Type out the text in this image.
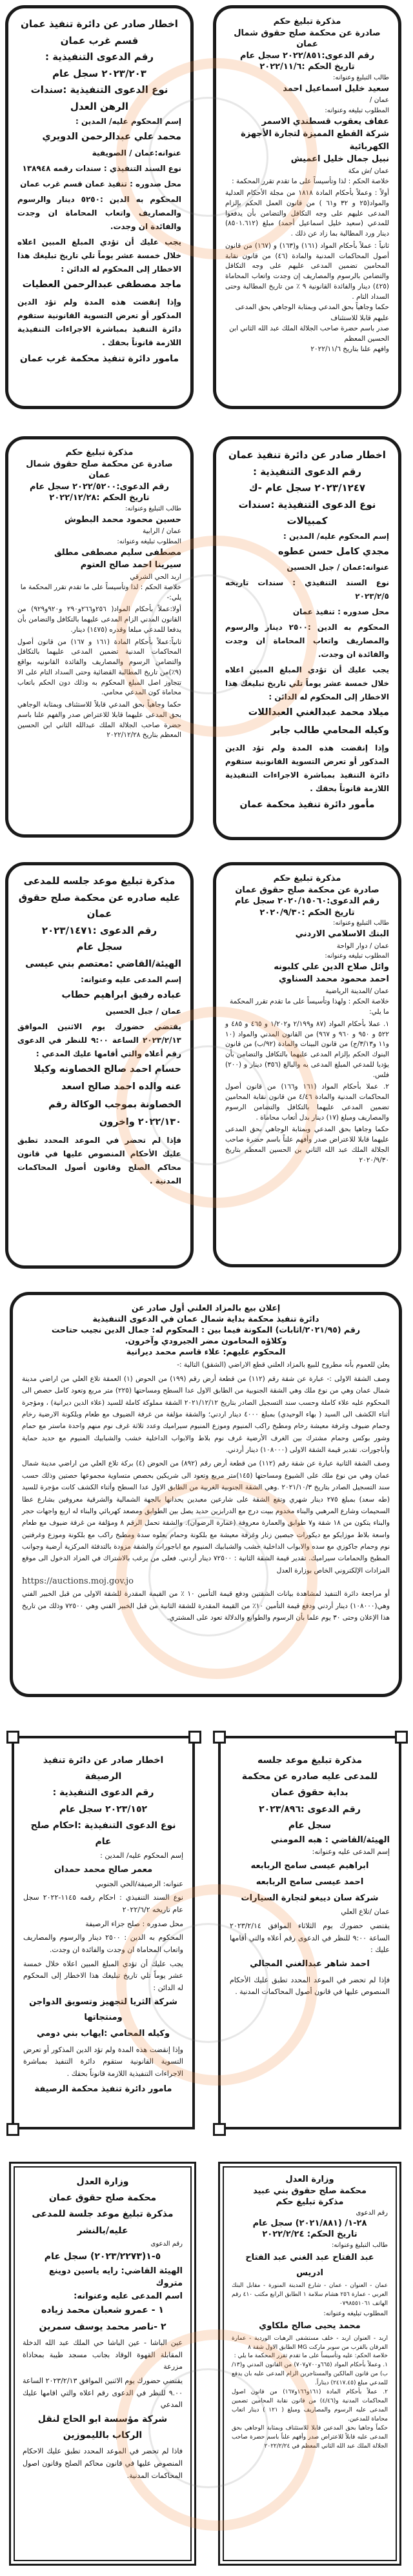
مذكرة تبليغ حكم
صادرة عن محكمة صلح حقوق شمال عمان
رقم الدعوى:٢٠٢٢/٨٥١ سجل عام
تاريخ الحكم :٢٠٢٢/١١/٦
طالب التبليغ وعنوانه:
سعيد خليل اسماعيل احمد
عمان /
المطلوب تبليغه وعنوانه:
عفاف يعقوب قسطندي الاسمر
شركة القطع المميزة لتجارة الأجهزة الكهربائية
نبيل جمال خليل اعميش
عمان /ش مكة
خلاصة الحكم : لذا وتأسيساً على ما تقدم تقرر المحكمة :
أولاً : وعملاً بأحكام المادة ١٨١٨ من مجلة الأحكام العدلية والمواد(٢٥ و ٣٢ و٦١ ) من قانون العمل الحكم بإلزام المدعى عليهم على وجه التكافل والتضامن بأن يدفعوا للمدعي (سعيد خليل اسماعيل أحمد) مبلغ (٨٥٠١.٦١٢) دينار ورد المطالبة بما زاد عن ذلك .
ثانياً : عملاً بأحكام المواد (١٦١) و(١٦٣) و (١٦٧) من قانون أصول المحاكمات المدنية والمادة (٤٦) من قانون نقابة المحامين تضمين المدعى عليهم على وجه التكافل والتضامن بالرسوم والمصاريف إن وجدت واتعاب المحاماة (٤٢٥) دينار والفائدة القانونية ٩ ٪ من تاريخ المطالبة وحتى السداد التام .
حكما وجاهياً بحق المدعي وبمثابة الوجاهي بحق المدعى عليهم قابلا للاستئناف
صدر باسم حضرة صاحب الجلالة الملك عبد الله الثاني ابن الحسين المعظم
وافهم علنا بتاريخ ٢٠٢٢/١١/٦
اخطار صادر عن دائرة تنفيذ عمان
قسم غرب عمان
رقم الدعوى التنفيذية :
٢٠٢٣/٢٠٣ سجل عام
نوع الدعوى التنفيذية :سندات الرهن العدل
إسم المحكوم عليه/ المدين :
محمد علي عبدالرحمن الدويري
عنوانه:عمان / الصويفية
نوع السند التنفيذي : سندات رقمه ١٣٨٩٤٨
محل صدوره : تنفيذ عمان قسم غرب عمان
المحكوم به الدين :٥٢٥٠ دينار والرسوم والمصاريف واتعاب المحاماة ان وجدت والفائدة ان وجدت.
يجب عليك أن تؤدي المبلغ المبين اعلاه خلال خمسة عشر يوماً تلي تاريخ تبليغك هذا الاخطار إلى المحكوم له الدائن :
ماجد مصطفى عبدالرحمن العطيات
وإذا إنقضت هذه المدة ولم تؤد الدين المذكور أو تعرض التسوية القانونية ستقوم دائرة التنفيذ بمباشرة الاجراءات التنفيذية اللازمة قانوناً بحقك .
مامور دائرة تنفيذ محكمة غرب عمان
اخطار صادر عن دائرة تنفيذ عمان
رقم الدعوى التنفيذية :
٢٠٢٣/١٢٤٧ سجل عام -ك
نوع الدعوى التنفيذية :سندات كمبيالات
إسم المحكوم عليه/ المدين :
مجدي كامل حسن عطوه
عنوانه:عمان / جبل الحسين
نوع السند التنفيذي : سندات تاريخه ٢٠٢٣/٢/٥
محل صدوره : تنفيذ عمان
المحكوم به الدين :٢٥٠٠ دينار والرسوم والمصاريف واتعاب المحاماة ان وجدت والفائدة ان وجدت.
يجب عليك أن تؤدي المبلغ المبين اعلاه خلال خمسة عشر يوماً تلي تاريخ تبليغك هذا الاخطار إلى المحكوم له الدائن :
ميلاد محمد عبدالغني العبداللات
وكيله المحامي طالب جابر
وإذا إنقضت هذه المدة ولم تؤد الدين المذكور أو تعرض التسوية القانونية ستقوم دائرة التنفيذ بمباشرة الاجراءات التنفيذية اللازمة قانوناً بحقك .
مأمور دائرة تنفيذ محكمة عمان
مذكرة تبليغ حكم
صادرة عن محكمة صلح حقوق شمال عمان
رقم الدعوى:٢٠٢٢/٥٢٠٠ سجل عام
تاريخ الحكم :٢٠٢٢/١٢/٢٨
طالب التبليغ وعنوانه:
حسين محمود محمد البطوش
عمان / الرابية
المطلوب تبليغه وعنوانه:
مصطفى سليم مصطفى مطلق
سيرينا احمد صالح العتوم
اربد الحي الشرقي
خلاصة الحكم : لذا وتأسيساً على ما تقدم تقرر المحكمة ما يلي:-
أولا:عملاً بأحكام المواد( ٢٥٦و٢٦٦و٢٩٠ و٩٢٠و٩٢٩) من القانون المدني الزام المدعى عليهما بالتكافل والتضامن بأن يدفعا للمدعي مبلغا وقدره (١٤٧٥) دينار.
ثانياً:عملاً بأحكام المادة (١٦١ و ١٦٧) من قانون أصول المحاكمات المدنية تضمين المدعى عليهما بالتكافل والتضامن الرسوم والمصاريف والفائدة القانونيه بواقع (٩٪)من تاريخ المطالبة القضائية وحتى السداد التام على الا تتجاوز اصل المبلغ المحكوم به وذلك دون الحكم باتعاب محاماة كون المدعي محامي.
حكما وجاهياً بحق المدعي قابلاً للاستئناف وبمثابة الوجاهي بحق المدعى عليهما قابلا للاعتراض صدر والفهم علنا باسم حضرة صاحب الجلالة الملك عبدالله الثاني ابن الحسين المعظم بتاريخ ٢٠٢٢/١٢/٢٨
مذكرة تبليغ حكم
صادرة عن محكمة صلح حقوق عمان
رقم الدعوى:٢٠٢٠/١٥٠٦٠ سجل عام
تاريخ الحكم :٢٠٢٠/٩/٣٠
طالب التبليغ وعنوانه:
البنك الاسلامي الاردني
عمان / دوار الواحة
المطلوب تبليغه وعنوانه:
وائل صلاح الدين علي كلبونه
احمد محمود محمد السناوي
عمان /المدينة الرياضية
خلاصة الحكم : ولهذا وتأسيساً على ما تقدم تقرر المحكمة ما يلي:
١. عملا بأحكام المواد (٨٧ و٢/١٩٩ و١/٢٠٢ و ٤٦٥ و ٤٨٥ و ٥٢٢ و ٩٥٠ و ٩٦٠ و ٩٦٧) من القانون المدني والمواد (١٠ و١١ و٣/١٣/ج) من قانون البينات والمادة (٩٢/ب) من قانون البنوك الحكم بإلزام المدعى عليهما بالتكافل والتضامن بأن يؤديا للمدعي المبلغ المدعى به والبالغ (٣٥٦) دينار و (٢٠٠) فلس.
٢. عملا بأحكام المواد (١٦١ و١٦٦) من قانون أصول المحاكمات المدنية والمادة ٤/٤٦ من قانون نقابة المحامين تضمين المدعى عليهما بالتكافل والتضامن الرسوم والمصاريف ومبلغ (١٧) دينار بدل أتعاب محاماة .
حكما وجاهيا بحق المدعي وبمثابة الوجاهي بحق المدعى عليهما قابلا للاعتراض صدر وأفهم علناً باسم حضرة صاحب الجلالة الملك عبد الله الثاني بن الحسين المعظم بتاريخ ٢٠٢٠/٩/٣٠
مذكرة تبليغ موعد جلسه للمدعى عليه صادره عن محكمة صلح حقوق عمان
رقم الدعوى :٢٠٢٣/١٤٧١
سجل عام
الهيئة/القاضي :معتصم بني عيسى
إسم المدعى عليه وعنوانه:
عباده رفيق ابراهيم حطاب
عمان / جبل الحسين
يقتضي حضورك يوم الاثنين الموافق ٢٠٢٣/٢/١٣ الساعة ٩:٠٠ للنظر في الدعوى رقم أعلاه والتي أقامها عليك المدعي :
حسام احمد صالح الخصاونه وكيلا عنه والده احمد صالح اسعد الخصاونة بموجب الوكالة رقم ٢٠٢٢/١٣٠ واخرون
فإذا لم تحضر في الموعد المحدد تطبق عليك الأحكام المنصوص عليها في قانون محاكم الصلح وقانون أصول المحاكمات المدنية .
إعلان بيع بالمزاد العلني أول صادر عن
دائرة تنفيذ محكمة بداية شمال عمان في الدعوى التنفيذية
رقم (٢٠٢١/٩٥/اثابات) المكونة فيما بين : المحكوم له: جمال الدين نجيب حتاحت
وكلاؤه المحامون مضر الجيرودي وآخرون.
المحكوم عليهم: علاء قاسم محمد ديرانية
يعلن للعموم بأنه مطروح للبيع بالمزاد العلني قطع الاراضي (الشقق) التالية :-
وصف الشقة الاولى :- عبارة عن شقة رقم (١١٢) من قطعة أرض رقم (١٩٩) من الحوض (١) العمقة تلاع العلي من اراضي مدينة شمال عمان وهي من نوع ملك وهي الشقة الجنوبية من الطابق الاول عدا السطح ومساحتها (٢٢٥) متر مربع وتعود كامل حصص الى المحكوم عليه علاء كاملة وحسب سند التسجيل الصادر بتاريخ ٢٠٢١/١٢/١٢ الشقة مملوكة كاملة للسيد (علاء الدين ديرانية) ، ومؤجرة أثناء الكشف الى السيد ( بهاء الوحيدي) بمبلغ ٤٠٠٠ دينار اردني؛ والشقة مؤلفة من غرفة الضيوف مع طعام وبلكونة الارضية رخام وحمام ضيوف وغرفة معيشة رخام ومطبخ راكب المنيوم وموزع المنيوم سيراميك وعدد ثلاثة غرف نوم منهم واحدة ماستر مع حمام وشور بوكس وحمام مشترك بين الغرف الأرضية غرف نوم بلاط والابواب الداخلية خشب والشبابيك المنيوم مع حديد حماية وأباجورات. تقدير قيمة الشقة الاولى (١٠٨٠٠٠) دينار أردني.
وصف الشقة الثانية عبارة عن شقة رقم (١١٢) من قطعة أرض رقم (٨٩٢) من الحوض (٤) بركة تلاع العلي من اراضي مدينة شمال عمان وهي من نوع ملك على الشيوع ومساحتها (١٤٥)متر مربع وتعود الى شريكين بحصص متساوية مجموعها حصتين وذلك حسب سند التسجيل الصادر بتاريخ ٢٠٢١/١٠/٣ .وهي الشقة الجنوبية الغربية من الطابق الاول عدا السطح وأثناء الكشف كانت مؤجرة للسيد (طه سعد) بمبلغ ٢٧٥ دينار شهري وتقع الشقة على شارعين معبدين يحدانها بالجهة الشمالية والشرقية معروفين بشارع عطا السحيمات وشارع المرهبي والبناء مخدوم ببيت درج مع الدرابزين حديد يصل بين الطوابق ومصعد كهربائي والبناء له اربع واجهات حجر والبناء يتكون من ١٨ شقة و٧ طوابق والعمارة معروفة (عمارة الرضوان). والشقة تحمل الرقم ٨ ومؤلفة من غرفة ضيوف مع طعام واسعة بلاط موزايكو مع ديكورات جبصين زنار وغرفة معيشة مع بلكونة وحمام يعلوه سدة ومطبخ راكب مع بلكونة وموزع وغرفتين نوم وحمام جاكوزي مع سده والابواب الداخلية خشب والشبابيك المنيوم مع اباجورات والشقة مزودة بالتدفئة المركزية أرضية وجوانب المطبخ والحمامات سيراميك. تقدير قيمة الشقة الثانية : ٧٢٥٠٠ دينار أردني. فعلى من يرغب بالاشتراك في المزاد الدخول الى موقع المزادات الإلكتروني الخاص بوزارة العدل
https://auctions.moj.gov.jo
أو مراجعة دائرة التنفيذ لمشاهدة بيانات الشقتين ودفع قيمة التأمين ١٠ ٪ من القيمة المقدرة للشقة الاولى من قبل الخبير الفني وهي(١٠٨٠٠٠) دينار أردني ودفع قيمة التأمين ١٠٪ من القيمة المقدرة للشقة الثانية من قبل الخبير الفني وهي ٧٢٥٠٠ وذلك من تاريخ هذا الإعلان وحتى ٣٠ يوم علما بأن الرسوم والطوابع والدلالة تعود على المشتري.
مذكرة تبليغ موعد جلسه
للمدعى عليه صادره عن محكمة
بداية حقوق عمان
رقم الدعوى :٢٠٢٣/٨٩٦
سجل عام
الهيئة/القاضي : هبه المومني
إسم المدعى عليه وعنوانه:
ابراهيم عيسى سامح الربابعه
احمد عيسى سامح الربابعه
شركة سان دييغو لتجارة السيارات
عمان /تلاع العلي
يقتضي حضورك يوم الثلاثاء الموافق ٢٠٢٣/٢/١٤ الساعة ٩:٠٠ للنظر في الدعوى رقم أعلاه والتي أقامها عليك :
احمد شاهر عبدالغني المجالي
فإذا لم تحضر في الموعد المحدد تطبق عليك الأحكام المنصوص عليها في قانون أصول المحاكمات المدنية .
اخطار صادر عن دائرة تنفيذ الرصيفة
رقم الدعوى التنفيذية :
٢٠٢٣/١٥٢ سجل عام
نوع الدعوى التنفيذية :احكام صلح عام
إسم المحكوم عليه/ المدين :
معمر صالح محمد حمدان
عنوانه: الرصيفة/الحي الجنوبي
نوع السند التنفيذي : احكام رقمه ١١٤٥-٢٠٢٢ سجل عام تاريخه ٢٠٢٢/٦/٢
محل صدوره : صلح جزاء الرصيفة
المحكوم به الدين : ٢٥٠٠ دينار والرسوم والمصاريف واتعاب المحاماة ان وجدت والفائدة ان وجدت.
يجب عليك أن تؤدي المبلغ المبين اعلاه خلال خمسة عشر يوماً تلي تاريخ تبليغك هذا الاخطار إلى المحكوم له الدائن :
شركة الثريا لتجهيز وتسويق الدواجن ومنتجاتها
وكيله المحامي :ايهاب بني دومي
وإذا إنقضت هذه المدة ولم تؤد الدين المذكور أو تعرض التسوية القانونية ستقوم دائرة التنفيذ بمباشرة الاجراءات التنفيذية اللازمة قانوناً بحقك .
مامور دائرة تنفيذ محكمة الرصيفة
وزارة العدل
محكمة صلح حقوق بني عبيد
مذكرة تبليغ حكم
رقم الدعوى
٢٨-١/ (٢٠٢١/٨٨١) سجل عام
تاريخ الحكم: ٢٠٢٢/٢/٢٤
طالب التبليغ وعنوانه:
عبد الفتاح عبد الغني عبد الفتاح ادريس
عمان - العنوان - عمان - شارع المدينة المنورة - مقابل البنك العربي - عمارة ٢٥٦ هشام سلامة ١ الطابق الرابع مكتب ٤١٠ رقم الهاتف ٠٧٩٨٥٥١٠٦١
المطلوب تبليغه وعنوانه:
محمد يحيى صالح ملكاوي
اربد - العنوان اربد - خلف مستشفى الرهبات الوردية - عمارة الفرقان بالقرب من سوبر ماركت MG الطابق الاول شقة ٨
خلاصة الحكم: عليه وتأسيساً على ما تقدم تقرر المحكمة ما يلي :
١. وعملاً بأحكام المواد (٦٦٥و٧٠٠و٧٠٧) من القانون المدني و(١٣/ب) من قانون المالكين والمستاجرين الزام المدعى عليه بان يدفع للمدعي مبلغ (٢٤١٧.٤٥) ديناراً.
٢. عملاً بأحكام المادة (١٦١و١٦٦و١٦٧) من قانون اصول المحاكمات المدنية و(٤/٤٦) من قانون نقابة المحامين تضمين المدعى عليه الرسوم والمصاريف ومبلغ ( ١٢١ ) دينار اتعاب محاماة للمدعين.
حكماً وجاهيا بحق المدعين قابلا للاستئناف وبمثابة الوجاهي بحق المدعى عليه قابلاً للاعتراض صدر وأفهم علناً باسم حضرة صاحب الجلالة الملك عبد الله الثاني المعظم في ٢٠٢٢/٢/٢٤
وزارة العدل
محكمة صلح حقوق عمان
مذكرة تبليغ موعد جلسة للمدعى عليه/بالنشر
رقم الدعوى
٥-١(٢٠٢٣/٢٢٧٣) سجل عام
الهيئة القاضي: رايه ياسين دوينع متروك
اسم المدعى عليه وعنوانه:
١ - عمرو شعبان محمد زياده
٢ -ناصر محمد يوسف سمرين
عين الباشا - عين الباشا حي الملك عبد الله الدخلة المقابلة القهوة الوقاد بجانب مسجد طيبة بمحاذاة مزرعة
يقتضي حضورك يوم الاثنين الموافق ٢٠٢٣/٢/١٣ الساعة ٩.٠٠ للنظر في الدعوى رقم اعلاه والتي اقامها عليك المدعي
شركة مؤسسة ابو الحاج لنقل الركاب بالليموزين
فاذا لم تحضر في الموعد المحدد تطبق عليك الاحكام المنصوص عليها في قانون محاكم الصلح وقانون اصول المحاكمات المدنية.
